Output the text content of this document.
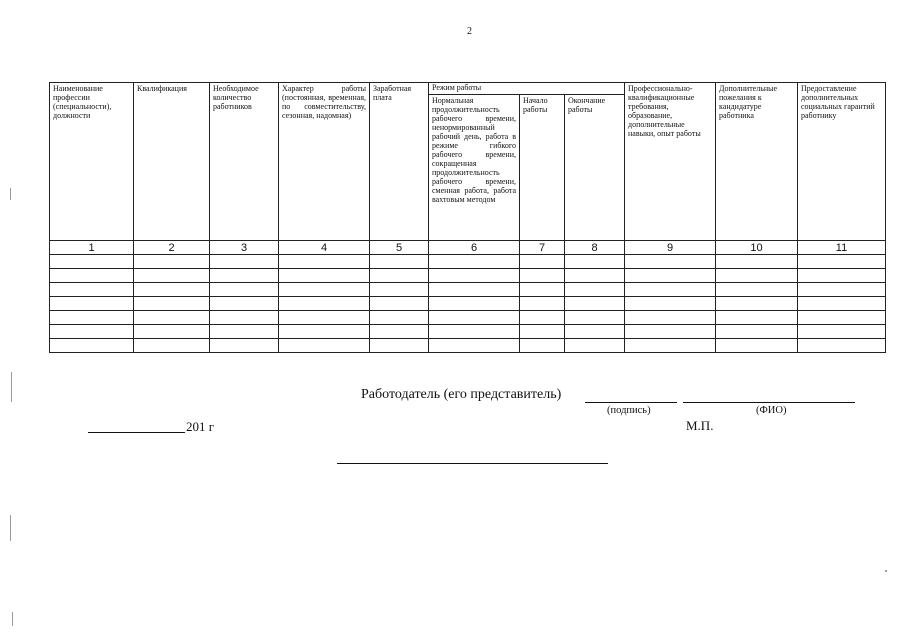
2
Наименование профессии (специальности), должности	Квалификация	Необходимое количество работников	Характер работы (постоянная, временная, по совместительству, сезонная, надомная)	Заработная плата	Режим работы			Профессионально-квалификационные требования, образование, дополнительные навыки, опыт работы	Дополнительные пожелания к кандидатуре работника	Предоставление дополнительных социальных гарантий работнику
					Нормальная продолжительность рабочего времени, ненормированный рабочий день, работа в режиме гибкого рабочего времени, сокращенная продолжительность рабочего времени, сменная работа, работа вахтовым методом	Начало работы	Окончание работы			
1	2	3	4	5	6	7	8	9	10	11

Работодатель (его представитель)
(подпись)	(ФИО)
201 г	М.П.
